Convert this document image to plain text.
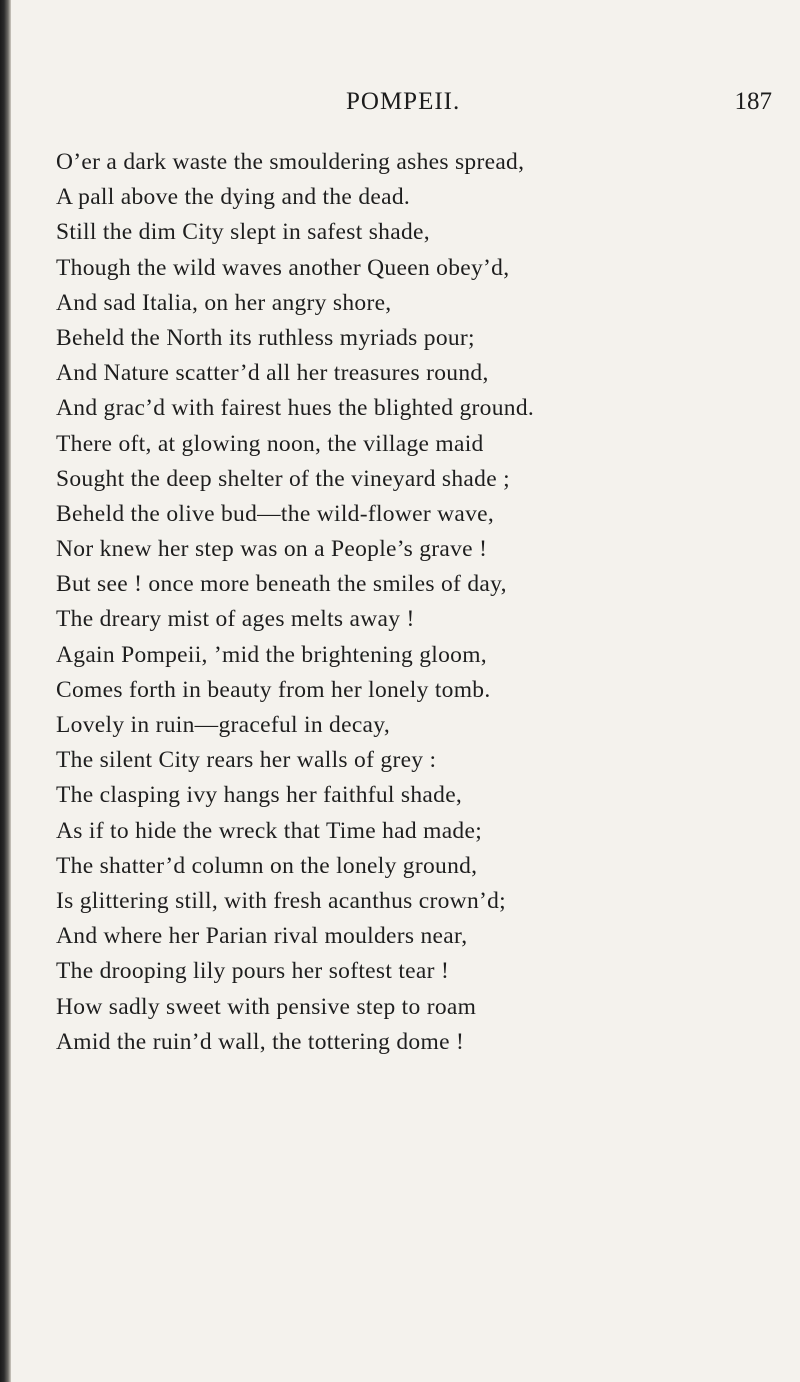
POMPEII.	187
O’er a dark waste the smouldering ashes spread,
A pall above the dying and the dead.
Still the dim City slept in safest shade,
Though the wild waves another Queen obey’d,
And sad Italia, on her angry shore,
Beheld the North its ruthless myriads pour;
And Nature scatter’d all her treasures round,
And grac’d with fairest hues the blighted ground.
There oft, at glowing noon, the village maid
Sought the deep shelter of the vineyard shade ;
Beheld the olive bud—the wild-flower wave,
Nor knew her step was on a People’s grave !
But see ! once more beneath the smiles of day,
The dreary mist of ages melts away !
Again Pompeii, ’mid the brightening gloom,
Comes forth in beauty from her lonely tomb.
Lovely in ruin—graceful in decay,
The silent City rears her walls of grey :
The clasping ivy hangs her faithful shade,
As if to hide the wreck that Time had made;
The shatter’d column on the lonely ground,
Is glittering still, with fresh acanthus crown’d;
And where her Parian rival moulders near,
The drooping lily pours her softest tear !
How sadly sweet with pensive step to roam
Amid the ruin’d wall, the tottering dome !
